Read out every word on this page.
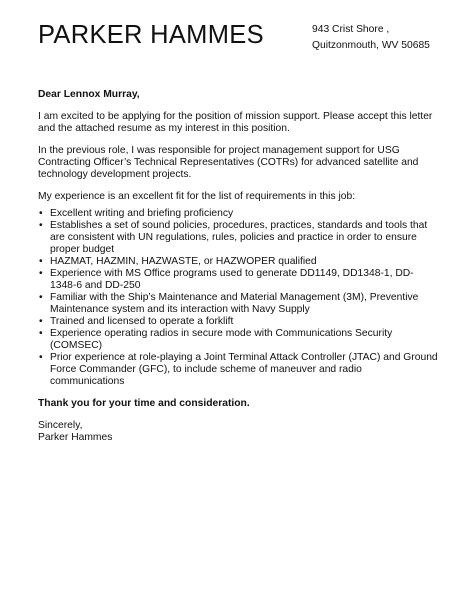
PARKER HAMMES	943 Crist Shore ,
Quitzonmouth, WV 50685

Dear Lennox Murray,

I am excited to be applying for the position of mission support. Please accept this letter and the attached resume as my interest in this position.

In the previous role, I was responsible for project management support for USG Contracting Officer’s Technical Representatives (COTRs) for advanced satellite and technology development projects.

My experience is an excellent fit for the list of requirements in this job:

• Excellent writing and briefing proficiency
• Establishes a set of sound policies, procedures, practices, standards and tools that are consistent with UN regulations, rules, policies and practice in order to ensure proper budget
• HAZMAT, HAZMIN, HAZWASTE, or HAZWOPER qualified
• Experience with MS Office programs used to generate DD1149, DD1348-1, DD-1348-6 and DD-250
• Familiar with the Ship’s Maintenance and Material Management (3M), Preventive Maintenance system and its interaction with Navy Supply
• Trained and licensed to operate a forklift
• Experience operating radios in secure mode with Communications Security (COMSEC)
• Prior experience at role-playing a Joint Terminal Attack Controller (JTAC) and Ground Force Commander (GFC), to include scheme of maneuver and radio communications

Thank you for your time and consideration.

Sincerely,

Parker Hammes
